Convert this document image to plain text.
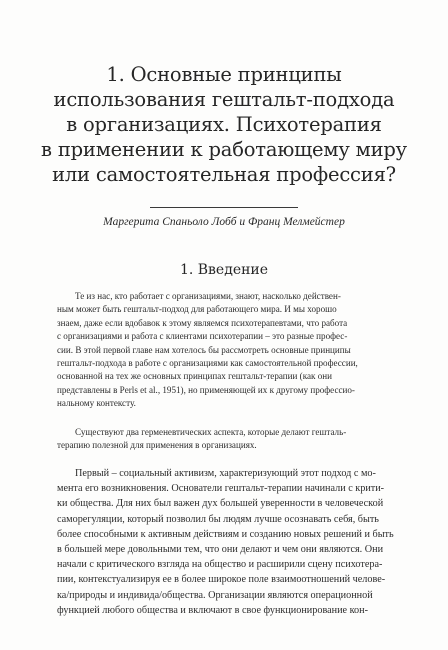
1. Основные принципы
использования гештальт-подхода
в организациях. Психотерапия
в применении к работающему миру
или самостоятельная профессия?
Маргерита Спаньоло Лобб и Франц Мелмейстер
1. Введение

Те из нас, кто работает с организациями, знают, насколько действен-
ным может быть гештальт-подход для работающего мира. И мы хорошо
знаем, даже если вдобавок к этому являемся психотерапевтами, что работа
с организациями и работа с клиентами психотерапии – это разные профес-
сии. В этой первой главе нам хотелось бы рассмотреть основные принципы
гештальт-подхода в работе с организациями как самостоятельной профессии,
основанной на тех же основных принципах гештальт-терапии (как они
представлены в Perls et al., 1951), но применяющей их к другому профессио-
нальному контексту.

Существуют два герменевтических аспекта, которые делают гешталь-
терапию полезной для применения в организациях.

Первый – социальный активизм, характеризующий этот подход с мо-
мента его возникновения. Основатели гештальт-терапии начинали с крити-
ки общества. Для них был важен дух большей уверенности в человеческой
саморегуляции, который позволил бы людям лучше осознавать себя, быть
более способными к активным действиям и созданию новых решений и быть
в большей мере довольными тем, что они делают и чем они являются. Они
начали с критического взгляда на общество и расширили сцену психотера-
пии, контекстуализируя ее в более широкое поле взаимоотношений челове-
ка/природы и индивида/общества. Организации являются операционной
функцией любого общества и включают в свое функционирование кон-
